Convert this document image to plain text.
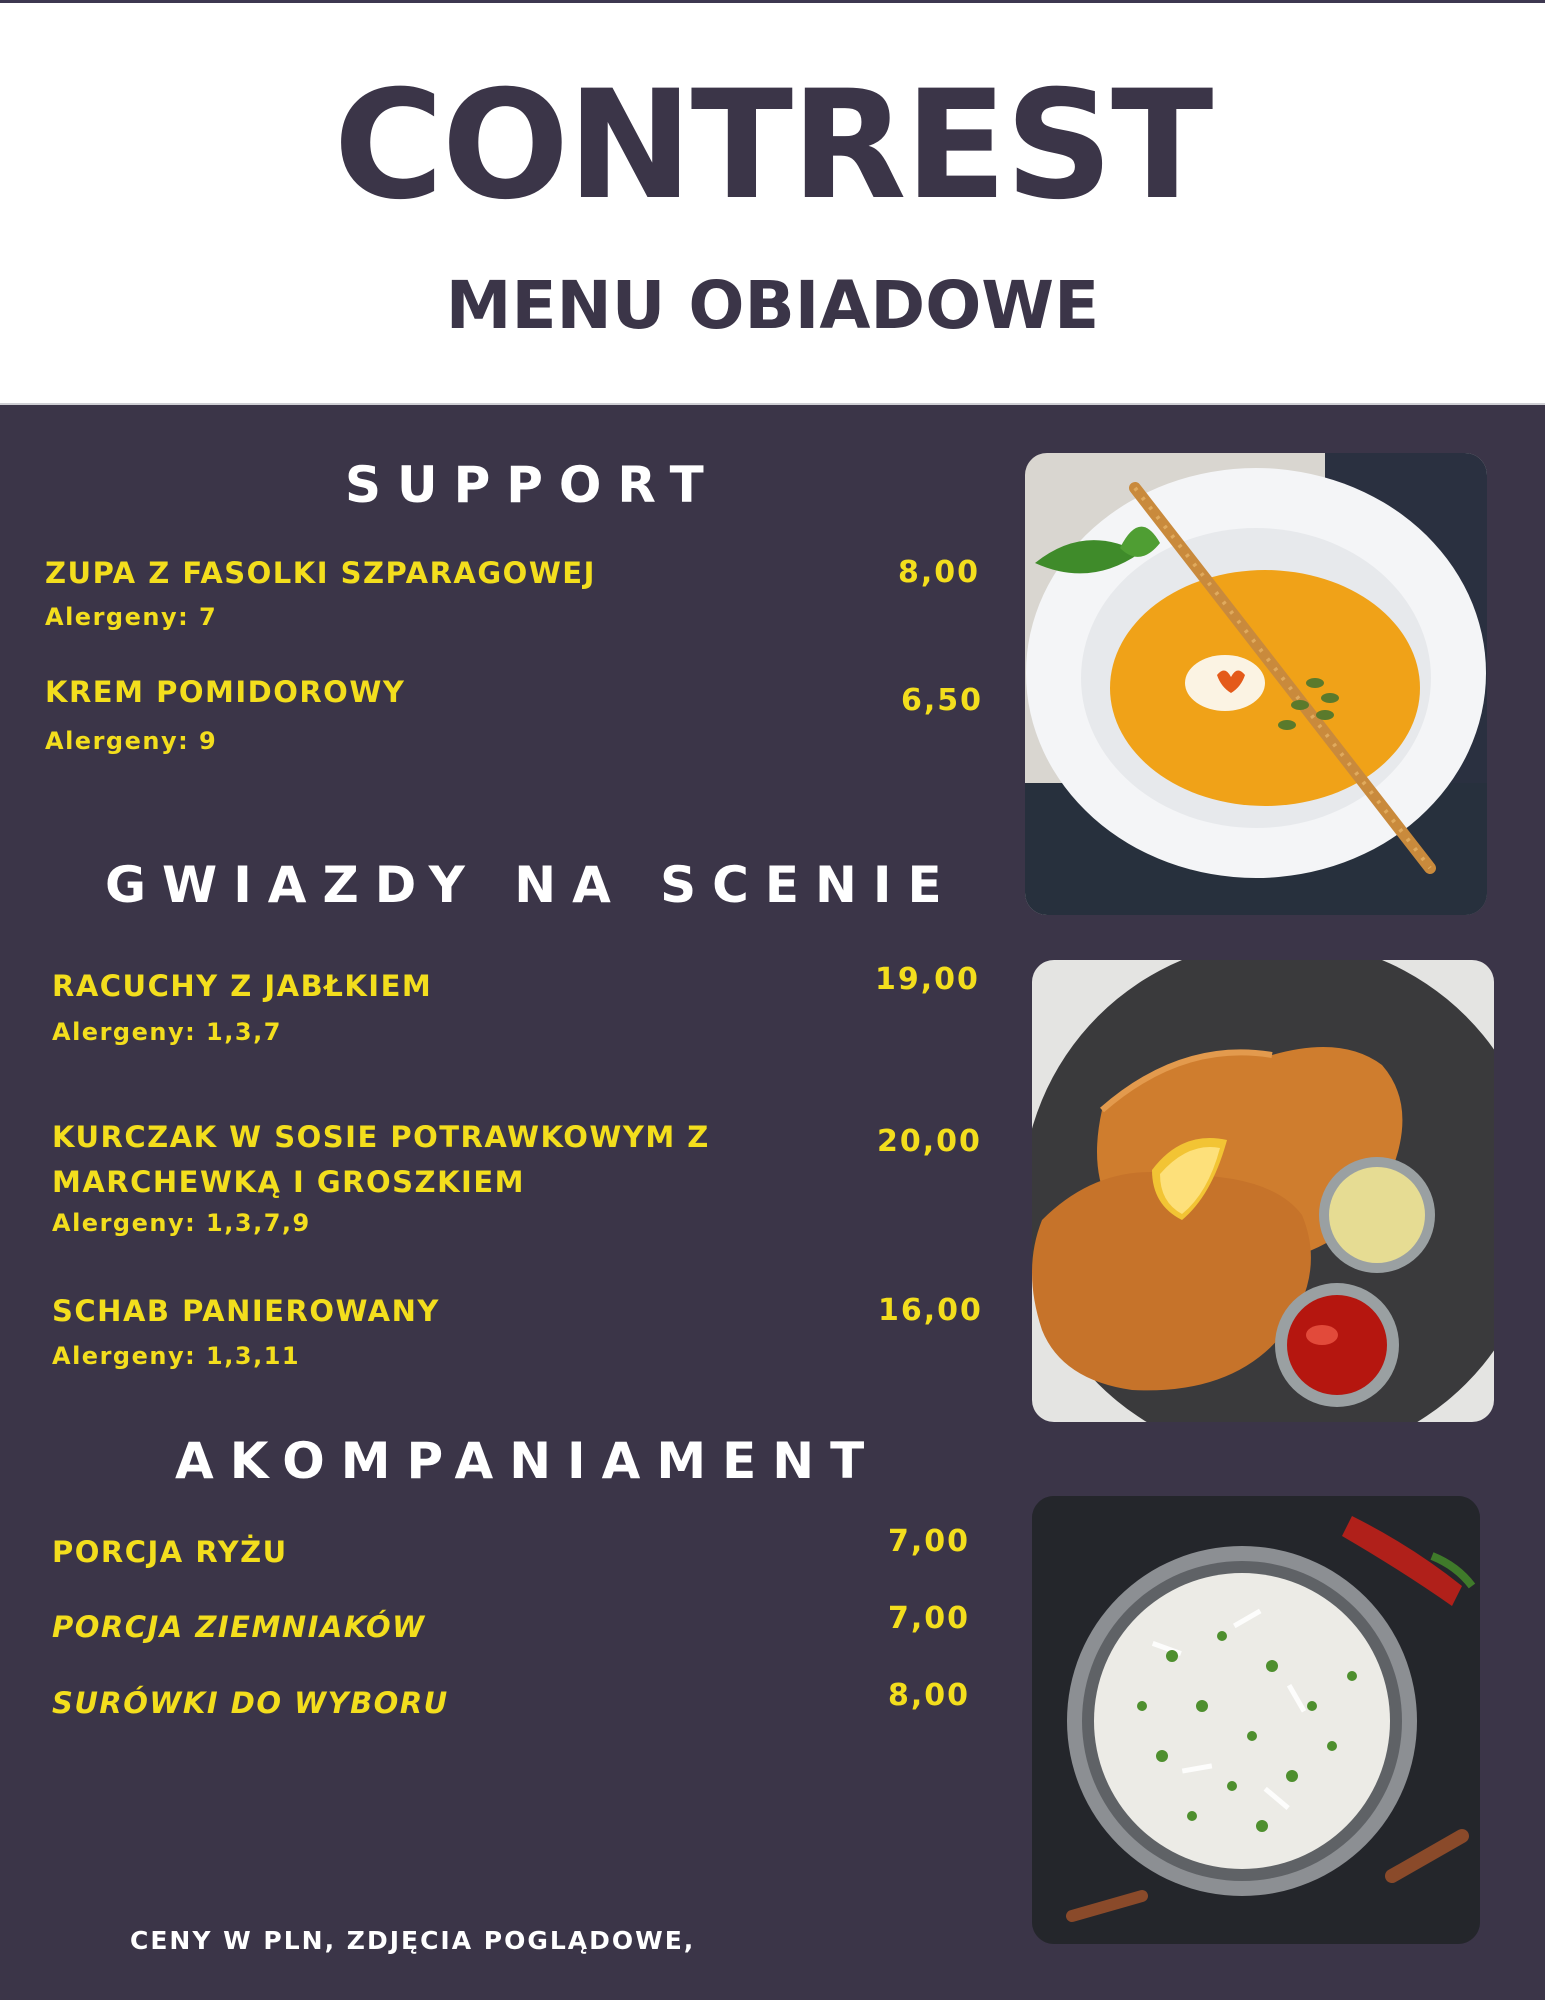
CONTREST
MENU OBIADOWE
SUPPORT
ZUPA Z FASOLKI SZPARAGOWEJ	8,00
Alergeny: 7
KREM POMIDOROWY	6,50
Alergeny: 9
GWIAZDY NA SCENIE
RACUCHY Z JABŁKIEM	19,00
Alergeny: 1,3,7
KURCZAK W SOSIE POTRAWKOWYM Z
MARCHEWKĄ I GROSZKIEM
20,00
Alergeny: 1,3,7,9
SCHAB PANIEROWANY	16,00
Alergeny: 1,3,11
AKOMPANIAMENT
PORCJA RYŻU	7,00
PORCJA ZIEMNIAKÓW	7,00
SURÓWKI DO WYBORU	8,00
CENY W PLN, ZDJĘCIA POGLĄDOWE,
